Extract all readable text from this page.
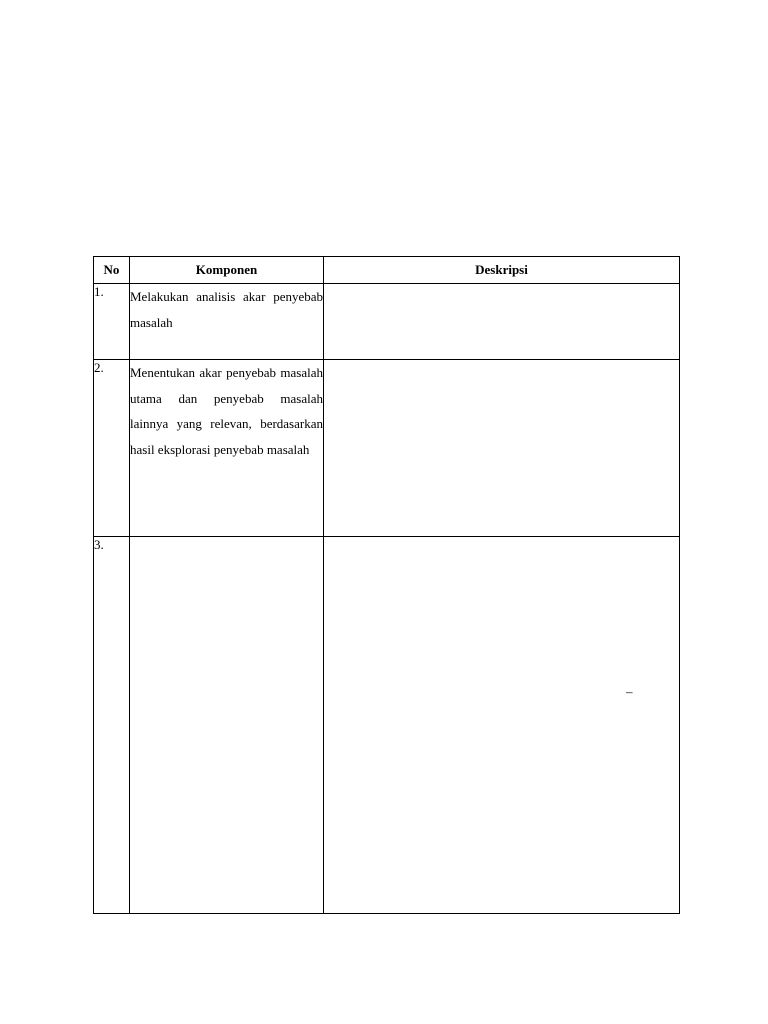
No	Komponen	Deskripsi
1.	Melakukan analisis akar penyebab masalah	

2.	Menentukan akar penyebab masalah utama dan penyebab masalah lainnya yang relevan, berdasarkan hasil eksplorasi penyebab masalah	

3.		–
